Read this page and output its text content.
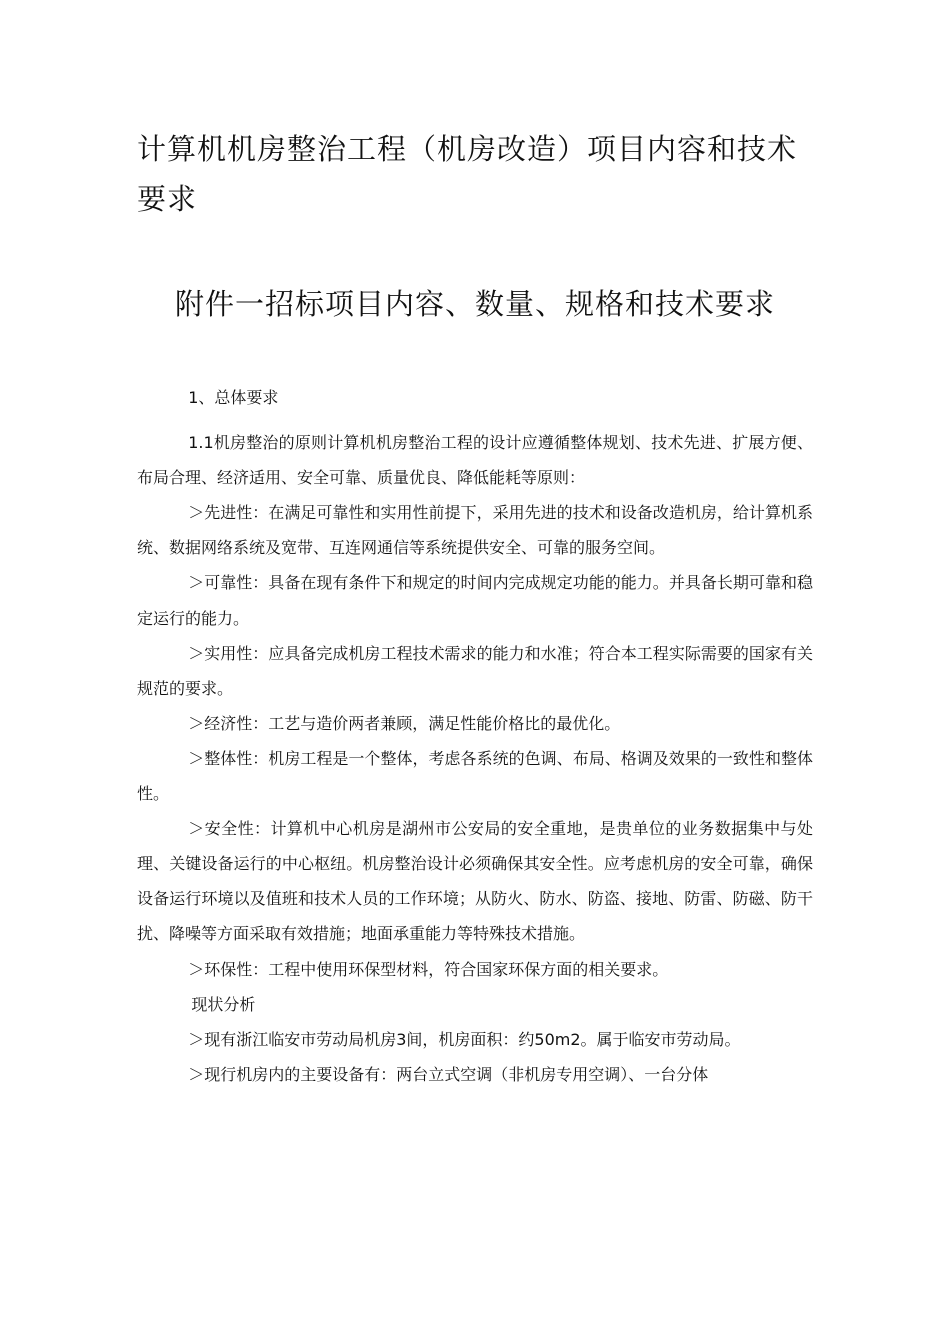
计算机机房整治工程（机房改造）项目内容和技术要求
附件一招标项目内容、数量、规格和技术要求

1、总体要求

1.1机房整治的原则计算机机房整治工程的设计应遵循整体规划、技术先进、扩展方便、布局合理、经济适用、安全可靠、质量优良、降低能耗等原则：

＞先进性：在满足可靠性和实用性前提下，采用先进的技术和设备改造机房，给计算机系统、数据网络系统及宽带、互连网通信等系统提供安全、可靠的服务空间。

＞可靠性：具备在现有条件下和规定的时间内完成规定功能的能力。并具备长期可靠和稳定运行的能力。

＞实用性：应具备完成机房工程技术需求的能力和水准；符合本工程实际需要的国家有关规范的要求。

＞经济性：工艺与造价两者兼顾，满足性能价格比的最优化。

＞整体性：机房工程是一个整体，考虑各系统的色调、布局、格调及效果的一致性和整体性。

＞安全性：计算机中心机房是湖州市公安局的安全重地，是贵单位的业务数据集中与处理、关键设备运行的中心枢纽。机房整治设计必须确保其安全性。应考虑机房的安全可靠，确保设备运行环境以及值班和技术人员的工作环境；从防火、防水、防盗、接地、防雷、防磁、防干扰、降噪等方面采取有效措施；地面承重能力等特殊技术措施。

＞环保性：工程中使用环保型材料，符合国家环保方面的相关要求。

现状分析

＞现有浙江临安市劳动局机房3间，机房面积：约50m2。属于临安市劳动局。

＞现行机房内的主要设备有：两台立式空调（非机房专用空调）、一台分体
